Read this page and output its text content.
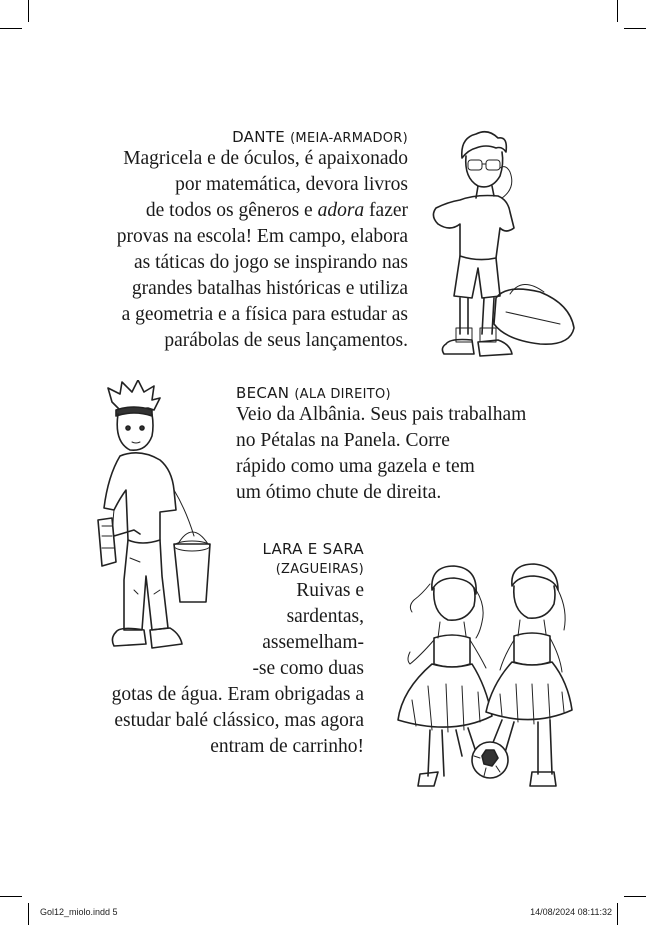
DANTE (MEIA-ARMADOR)
Magricela e de óculos, é apaixonado
por matemática, devora livros
de todos os gêneros e adora fazer
provas na escola! Em campo, elabora
as táticas do jogo se inspirando nas
grandes batalhas históricas e utiliza
a geometria e a física para estudar as
parábolas de seus lançamentos.
BECAN (ALA DIREITO)
Veio da Albânia. Seus pais trabalham
no Pétalas na Panela. Corre
rápido como uma gazela e tem
um ótimo chute de direita.
LARA E SARA
(ZAGUEIRAS)
Ruivas e
sardentas,
assemelham-
-se como duas
gotas de água. Eram obrigadas a
estudar balé clássico, mas agora
entram de carrinho!
Gol12_miolo.indd 5	14/08/2024 08:11:32
